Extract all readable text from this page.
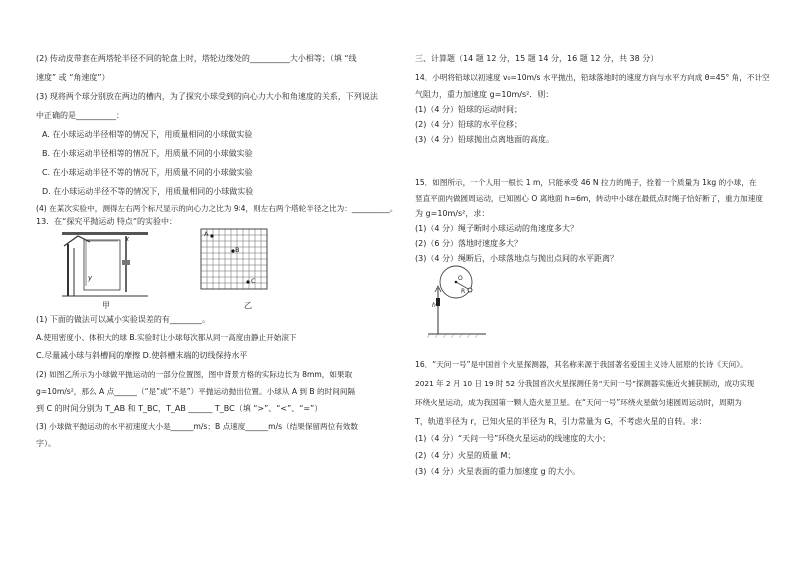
(2) 传动皮带套在两塔轮半径不同的轮盘上时，塔轮边缘处的__________大小相等；（填 “线
速度” 或 “角速度”）
(3) 现将两个球分别放在两边的槽内，为了探究小球受到的向心力大小和角速度的关系，下列说法
中正确的是__________：
A. 在小球运动半径相等的情况下，用质量相同的小球做实验
B. 在小球运动半径相等的情况下，用质量不同的小球做实验
C. 在小球运动半径不等的情况下，用质量不同的小球做实验
D. 在小球运动半径不等的情况下，用质量相同的小球做实验
(4) 在某次实验中，测得左右两个标尺显示的向心力之比为 9∶4，则左右两个塔轮半径之比为：__________。
13．在“探究平抛运动 特点”的实验中：
x
y
甲
A
B
C
乙
(1) 下面的做法可以减小实验误差的有________。
A.使用密度小、体积大的球 B.实验时让小球每次都从同一高度由静止开始滚下
C.尽量减小球与斜槽间的摩擦 D.使斜槽末端的切线保持水平
(2) 如图乙所示为小球做平抛运动的一部分位置图，图中背景方格的实际边长为 8mm，如果取
g=10m/s²，那么 A 点______（“是”或“不是”）平抛运动抛出位置。小球从 A 到 B 的时间间隔
到 C 的时间分别为 T_AB 和 T_BC，T_AB ______ T_BC（填 “>”、“<”、“=”）
(3) 小球做平抛运动的水平初速度大小是______m/s；B 点速度______m/s（结果保留两位有效数
字）。
三、计算题（14 题 12 分，15 题 14 分，16 题 12 分，共 38 分）
14．小明将铅球以初速度 v₀=10m/s 水平抛出，铅球落地时的速度方向与水平方向成 θ=45° 角，不计空
气阻力，重力加速度 g=10m/s²．则：
(1)（4 分）铅球的运动时间；
(2)（4 分）铅球的水平位移；
(3)（4 分）铅球抛出点离地面的高度。
15．如图所示，一个人用一根长 1 m，只能承受 46 N 拉力的绳子，拴着一个质量为 1kg 的小球，在
竖直平面内做圆周运动，已知圆心 O 离地面 h=6m，转动中小球在最低点时绳子恰好断了，重力加速度
为 g=10m/s²，求：
(1)（4 分）绳子断时小球运动的角速度多大？
(2)（6 分）落地时速度多大？
(3)（4 分）绳断后，小球落地点与抛出点间的水平距离？
O
R
h
16．“天问一号”是中国首个火星探测器，其名称来源于我国著名爱国主义诗人屈原的长诗《天问》。
2021 年 2 月 10 日 19 时 52 分我国首次火星探测任务“天问一号”探测器实施近火捕获制动，成功实现
环绕火星运动，成为我国第一颗人造火星卫星。在“天问一号”环绕火星做匀速圆周运动时，周期为
T，轨道半径为 r，已知火星的半径为 R，引力常量为 G，不考虑火星的自转。求：
(1)（4 分）“天问一号”环绕火星运动的线速度的大小；
(2)（4 分）火星的质量 M；
(3)（4 分）火星表面的重力加速度 g 的大小。
